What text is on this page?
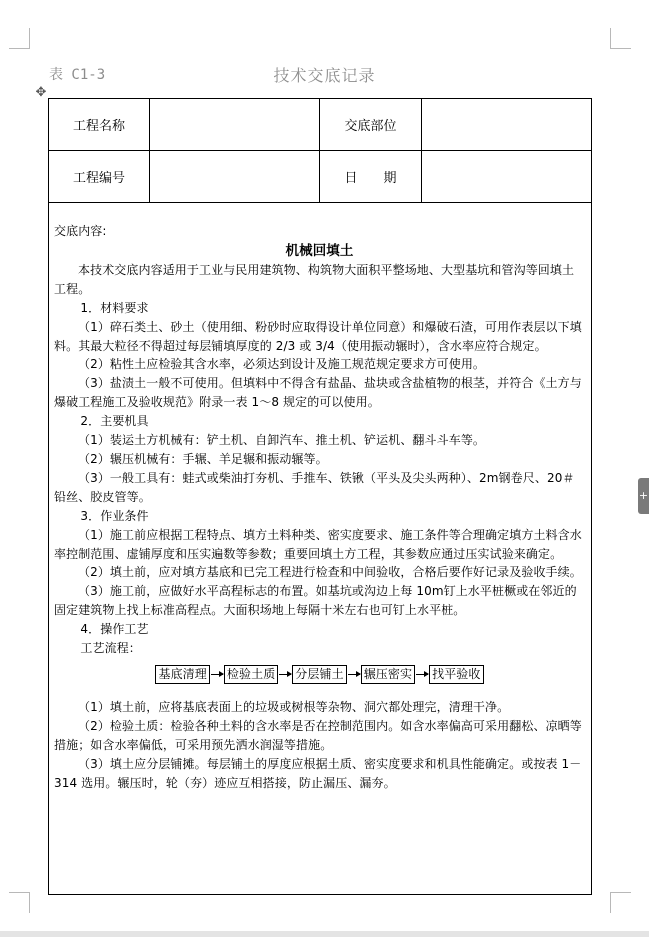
表 C1-3	技术交底记录
✥
+
工程名称	交底部位
工程编号	日　　期

交底内容:

机械回填土

本技术交底内容适用于工业与民用建筑物、构筑物大面积平整场地、大型基坑和管沟等回填土工程。

1．材料要求

（1）碎石类土、砂土（使用细、粉砂时应取得设计单位同意）和爆破石渣，可用作表层以下填料。其最大粒径不得超过每层铺填厚度的 2/3 或 3/4（使用振动辗时），含水率应符合规定。

（2）粘性土应检验其含水率，必须达到设计及施工规范规定要求方可使用。

（3）盐渍土一般不可使用。但填料中不得含有盐晶、盐块或含盐植物的根茎，并符合《土方与爆破工程施工及验收规范》附录一表 1～8 规定的可以使用。

2．主要机具

（1）装运土方机械有：铲土机、自卸汽车、推土机、铲运机、翻斗斗车等。

（2）辗压机械有：手辗、羊足辗和振动辗等。

（3）一般工具有：蛙式或柴油打夯机、手推车、铁锹（平头及尖头两种）、2m钢卷尺、20＃铅丝、胶皮管等。

3．作业条件

（1）施工前应根据工程特点、填方土料种类、密实度要求、施工条件等合理确定填方土料含水率控制范围、虚铺厚度和压实遍数等参数；重要回填土方工程，其参数应通过压实试验来确定。

（2）填土前，应对填方基底和已完工程进行检查和中间验收，合格后要作好记录及验收手续。

（3）施工前，应做好水平高程标志的布置。如基坑或沟边上每 10m钉上水平桩橛或在邻近的固定建筑物上找上标准高程点。大面积场地上每隔十米左右也可钉上水平桩。

4．操作工艺

工艺流程：

基底清理 检验土质 分层铺土 辗压密实 找平验收

（1）填土前，应将基底表面上的垃圾或树根等杂物、洞穴都处理完，清理干净。

（2）检验土质：检验各种土料的含水率是否在控制范围内。如含水率偏高可采用翻松、凉晒等措施；如含水率偏低，可采用预先洒水润湿等措施。

（3）填土应分层铺摊。每层铺土的厚度应根据土质、密实度要求和机具性能确定。或按表 1－314 选用。辗压时，轮（夯）迹应互相搭接，防止漏压、漏夯。
